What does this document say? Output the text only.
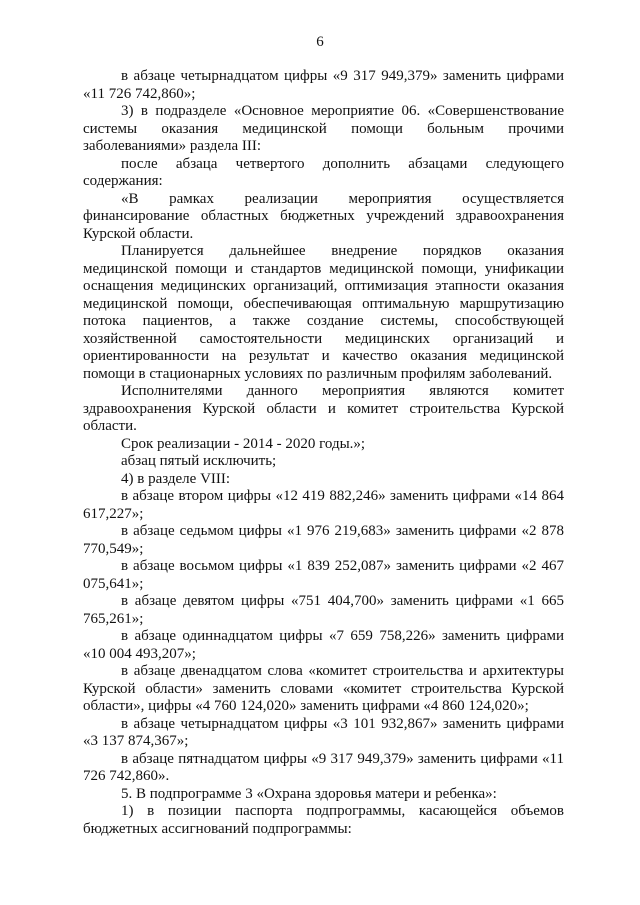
6

в абзаце четырнадцатом цифры «9 317 949,379» заменить цифрами «11 726 742,860»;

3) в подразделе «Основное мероприятие 06. «Совершенствование системы оказания медицинской помощи больным прочими заболеваниями» раздела III:

после абзаца четвертого дополнить абзацами следующего содержания:

«В рамках реализации мероприятия осуществляется финансирование областных бюджетных учреждений здравоохранения Курской области.

Планируется дальнейшее внедрение порядков оказания медицинской помощи и стандартов медицинской помощи, унификации оснащения медицинских организаций, оптимизация этапности оказания медицинской помощи, обеспечивающая оптимальную маршрутизацию потока пациентов, а также создание системы, способствующей хозяйственной самостоятельности медицинских организаций и ориентированности на результат и качество оказания медицинской помощи в стационарных условиях по различным профилям заболеваний.

Исполнителями данного мероприятия являются комитет здравоохранения Курской области и комитет строительства Курской области.

Срок реализации - 2014 - 2020 годы.»;

абзац пятый исключить;

4) в разделе VIII:

в абзаце втором цифры «12 419 882,246» заменить цифрами «14 864 617,227»;

в абзаце седьмом цифры «1 976 219,683» заменить цифрами «2 878 770,549»;

в абзаце восьмом цифры «1 839 252,087» заменить цифрами «2 467 075,641»;

в абзаце девятом цифры «751 404,700» заменить цифрами «1 665 765,261»;

в абзаце одиннадцатом цифры «7 659 758,226» заменить цифрами «10 004 493,207»;

в абзаце двенадцатом слова «комитет строительства и архитектуры Курской области» заменить словами «комитет строительства Курской области», цифры «4 760 124,020» заменить цифрами «4 860 124,020»;

в абзаце четырнадцатом цифры «3 101 932,867» заменить цифрами «3 137 874,367»;

в абзаце пятнадцатом цифры «9 317 949,379» заменить цифрами «11 726 742,860».

5. В подпрограмме 3 «Охрана здоровья матери и ребенка»:

1) в позиции паспорта подпрограммы, касающейся объемов бюджетных ассигнований подпрограммы:
